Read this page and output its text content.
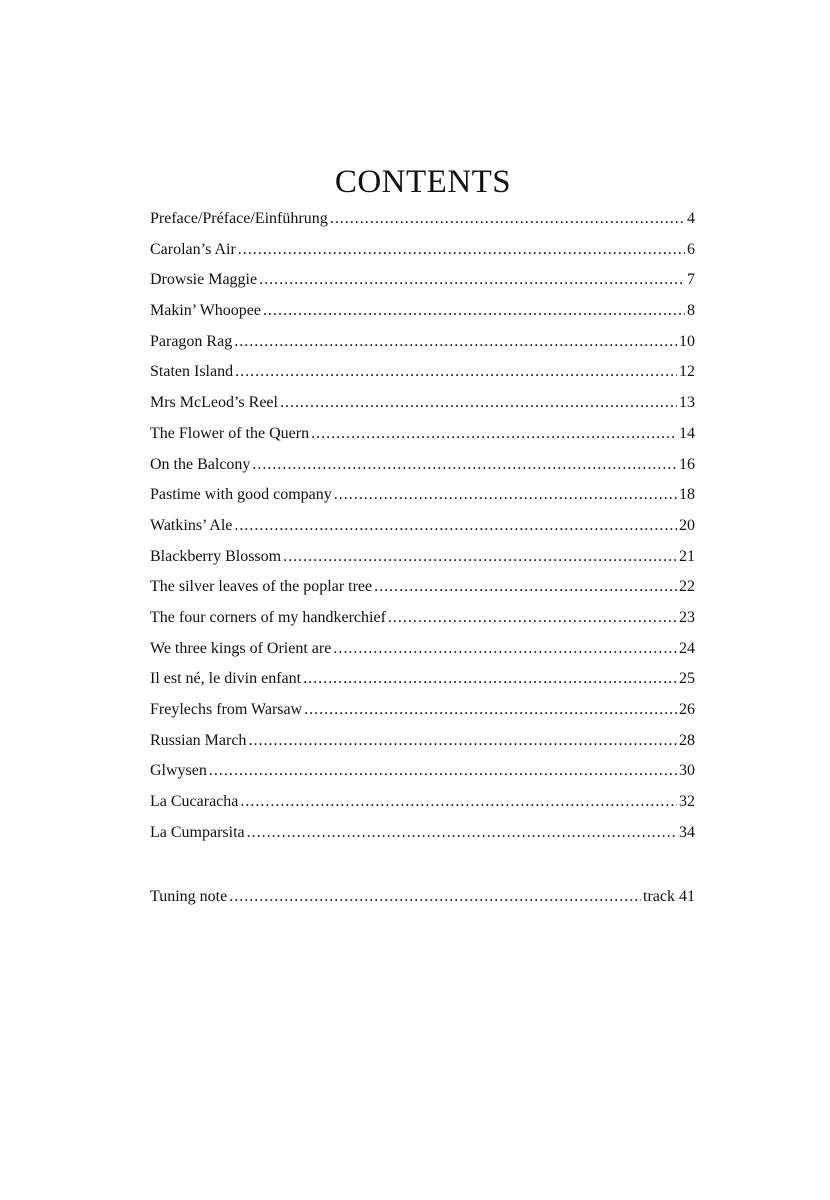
CONTENTS
Preface/Préface/Einführung .....	4
Carolan’s Air .....	6
Drowsie Maggie .....	7
Makin’ Whoopee .....	8
Paragon Rag .....	10
Staten Island .....	12
Mrs McLeod’s Reel .....	13
The Flower of the Quern .....	14
On the Balcony .....	16
Pastime with good company .....	18
Watkins’ Ale .....	20
Blackberry Blossom .....	21
The silver leaves of the poplar tree .....	22
The four corners of my handkerchief .....	23
We three kings of Orient are .....	24
Il est né, le divin enfant .....	25
Freylechs from Warsaw .....	26
Russian March .....	28
Glwysen .....	30
La Cucaracha .....	32
La Cumparsita .....	34
Tuning note .....	track 41
